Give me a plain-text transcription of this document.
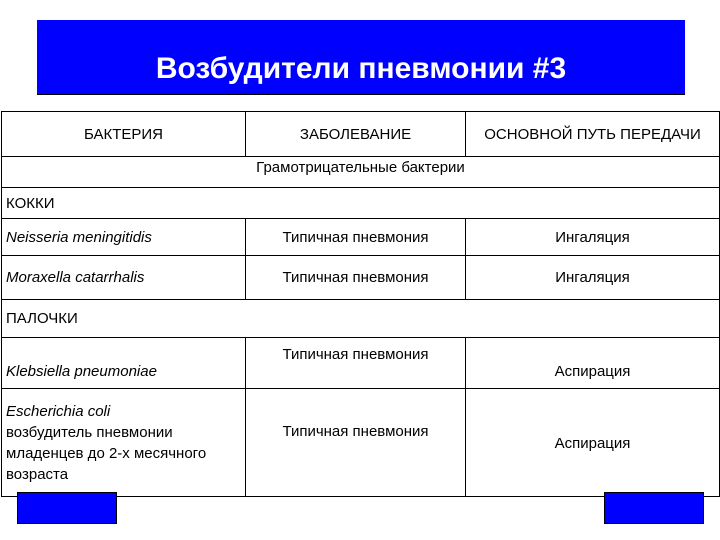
Возбудители пневмонии #3
БАКТЕРИЯ	ЗАБОЛЕВАНИЕ	ОСНОВНОЙ ПУТЬ ПЕРЕДАЧИ
Грамотрицательные бактерии		
КОККИ		
Neisseria meningitidis	Типичная пневмония	Ингаляция
Moraxella catarrhalis	Типичная пневмония	Ингаляция
ПАЛОЧКИ		
Klebsiella pneumoniae	Типичная пневмония	Аспирация

Escherichia coli
возбудитель пневмонии младенцев до 2-х месячного возраста	Типичная пневмония	Аспирация
